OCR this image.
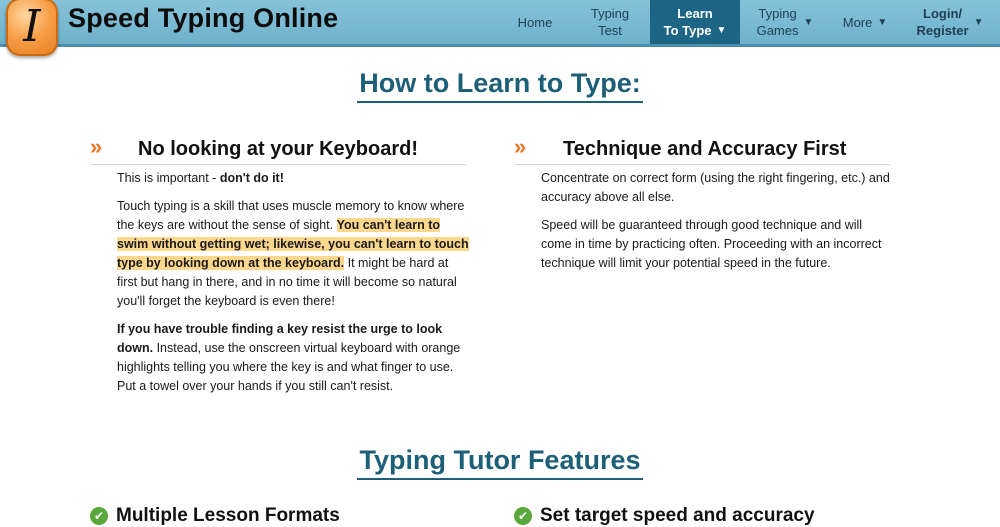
I	Speed Typing Online	Home
Typing
Test
Learn
To Type ▼
Typing
Games
▼ More ▼
Login/
Register
▼
How to Learn to Type:
» No looking at your Keyboard!

This is important - don't do it!

Touch typing is a skill that uses muscle memory to know where the keys are without the sense of sight. You can't learn to swim without getting wet; likewise, you can't learn to touch type by looking down at the keyboard. It might be hard at first but hang in there, and in no time it will become so natural you'll forget the keyboard is even there!

If you have trouble finding a key resist the urge to look down. Instead, use the onscreen virtual keyboard with orange highlights telling you where the key is and what finger to use. Put a towel over your hands if you still can't resist.

» Technique and Accuracy First

Concentrate on correct form (using the right fingering, etc.) and accuracy above all else.

Speed will be guaranteed through good technique and will come in time by practicing often. Proceeding with an incorrect technique will limit your potential speed in the future.

Typing Tutor Features
✔ Multiple Lesson Formats	✔ Set target speed and accuracy
